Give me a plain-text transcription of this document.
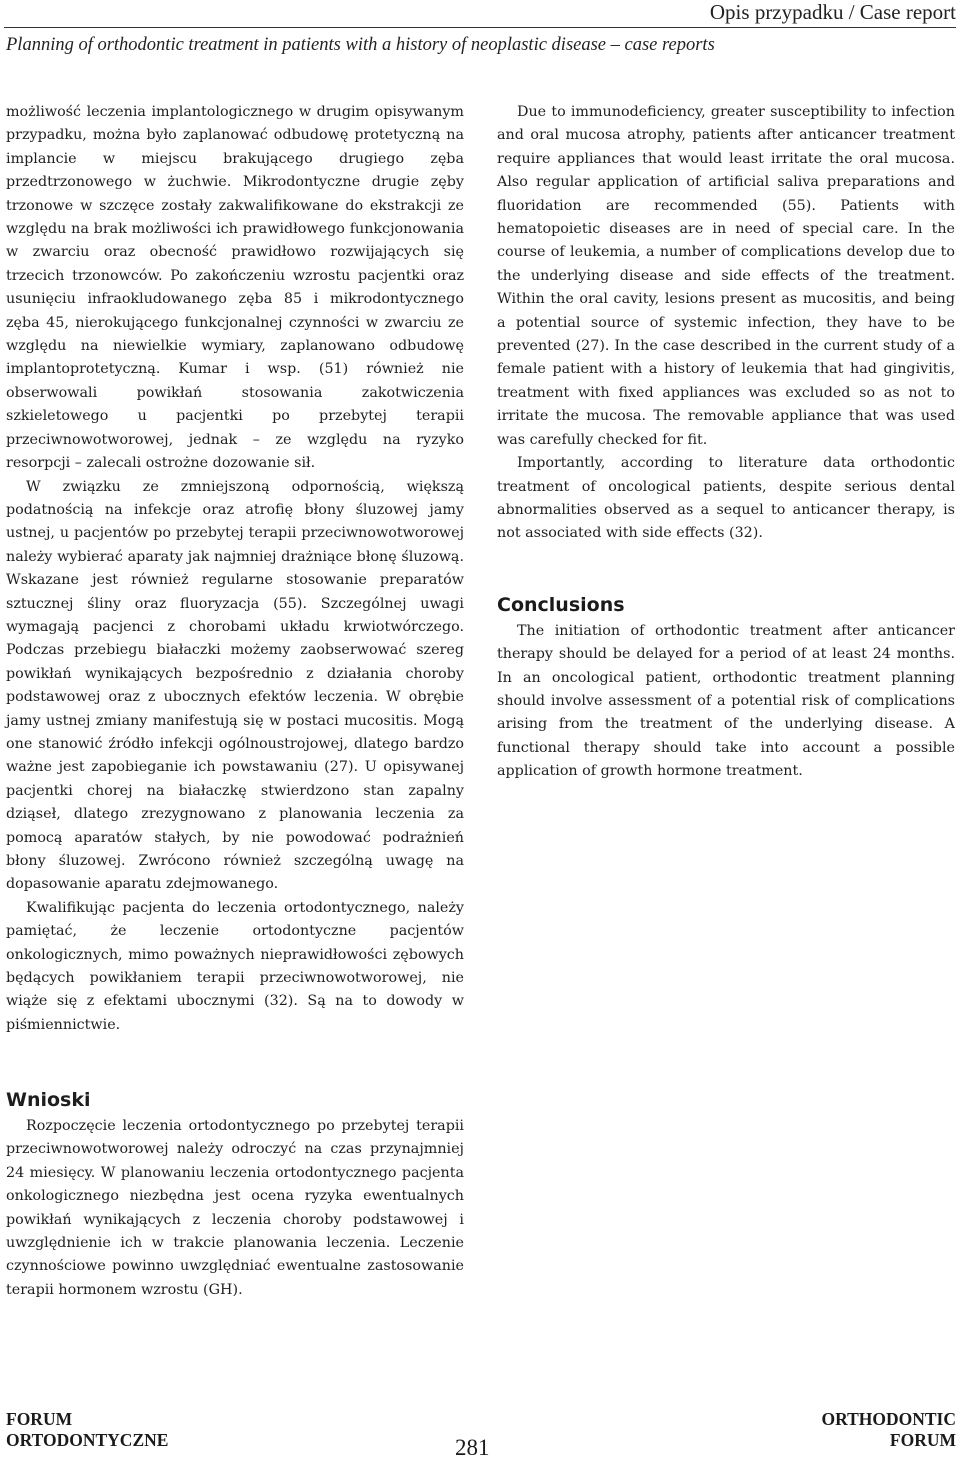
Opis przypadku / Case report
Planning of orthodontic treatment in patients with a history of neoplastic disease – case reports

możliwość leczenia implantologicznego w drugim opisywanym przypadku, można było zaplanować odbudowę protetyczną na implancie w miejscu brakującego drugiego zęba przedtrzonowego w żuchwie. Mikrodontyczne drugie zęby trzonowe w szczęce zostały zakwalifikowane do ekstrakcji ze względu na brak możliwości ich prawidłowego funkcjonowania w zwarciu oraz obecność prawidłowo rozwijających się trzecich trzonowców. Po zakończeniu wzrostu pacjentki oraz usunięciu infraokludowanego zęba 85 i mikrodontycznego zęba 45, nierokującego funkcjonalnej czynności w zwarciu ze względu na niewielkie wymiary, zaplanowano odbudowę implantoprotetyczną. Kumar i wsp. (51) również nie obserwowali powikłań stosowania zakotwiczenia szkieletowego u pacjentki po przebytej terapii przeciwnowotworowej, jednak – ze względu na ryzyko resorpcji – zalecali ostrożne dozowanie sił.

W związku ze zmniejszoną odpornością, większą podatnością na infekcje oraz atrofię błony śluzowej jamy ustnej, u pacjentów po przebytej terapii przeciwnowotworowej należy wybierać aparaty jak najmniej drażniące błonę śluzową. Wskazane jest również regularne stosowanie preparatów sztucznej śliny oraz fluoryzacja (55). Szczególnej uwagi wymagają pacjenci z chorobami układu krwiotwórczego. Podczas przebiegu białaczki możemy zaobserwować szereg powikłań wynikających bezpośrednio z działania choroby podstawowej oraz z ubocznych efektów leczenia. W obrębie jamy ustnej zmiany manifestują się w postaci mucositis. Mogą one stanowić źródło infekcji ogólnoustrojowej, dlatego bardzo ważne jest zapobieganie ich powstawaniu (27). U opisywanej pacjentki chorej na białaczkę stwierdzono stan zapalny dziąseł, dlatego zrezygnowano z planowania leczenia za pomocą aparatów stałych, by nie powodować podrażnień błony śluzowej. Zwrócono również szczególną uwagę na dopasowanie aparatu zdejmowanego.

Kwalifikując pacjenta do leczenia ortodontycznego, należy pamiętać, że leczenie ortodontyczne pacjentów onkologicznych, mimo poważnych nieprawidłowości zębowych będących powikłaniem terapii przeciwnowotworowej, nie wiąże się z efektami ubocznymi (32). Są na to dowody w piśmiennictwie.

Due to immunodeficiency, greater susceptibility to infection and oral mucosa atrophy, patients after anticancer treatment require appliances that would least irritate the oral mucosa. Also regular application of artificial saliva preparations and fluoridation are recommended (55). Patients with hematopoietic diseases are in need of special care. In the course of leukemia, a number of complications develop due to the underlying disease and side effects of the treatment. Within the oral cavity, lesions present as mucositis, and being a potential source of systemic infection, they have to be prevented (27). In the case described in the current study of a female patient with a history of leukemia that had gingivitis, treatment with fixed appliances was excluded so as not to irritate the mucosa. The removable appliance that was used was carefully checked for fit.

Importantly, according to literature data orthodontic treatment of oncological patients, despite serious dental abnormalities observed as a sequel to anticancer therapy, is not associated with side effects (32).

Conclusions

The initiation of orthodontic treatment after anticancer therapy should be delayed for a period of at least 24 months. In an oncological patient, orthodontic treatment planning should involve assessment of a potential risk of complications arising from the treatment of the underlying disease. A functional therapy should take into account a possible application of growth hormone treatment.

Wnioski

Rozpoczęcie leczenia ortodontycznego po przebytej terapii przeciwnowotworowej należy odroczyć na czas przynajmniej 24 miesięcy. W planowaniu leczenia ortodontycznego pacjenta onkologicznego niezbędna jest ocena ryzyka ewentualnych powikłań wynikających z leczenia choroby podstawowej i uwzględnienie ich w trakcie planowania leczenia. Leczenie czynnościowe powinno uwzględniać ewentualne zastosowanie terapii hormonem wzrostu (GH).

FORUM
ORTODONTYCZNE	281
ORTHODONTIC
FORUM
